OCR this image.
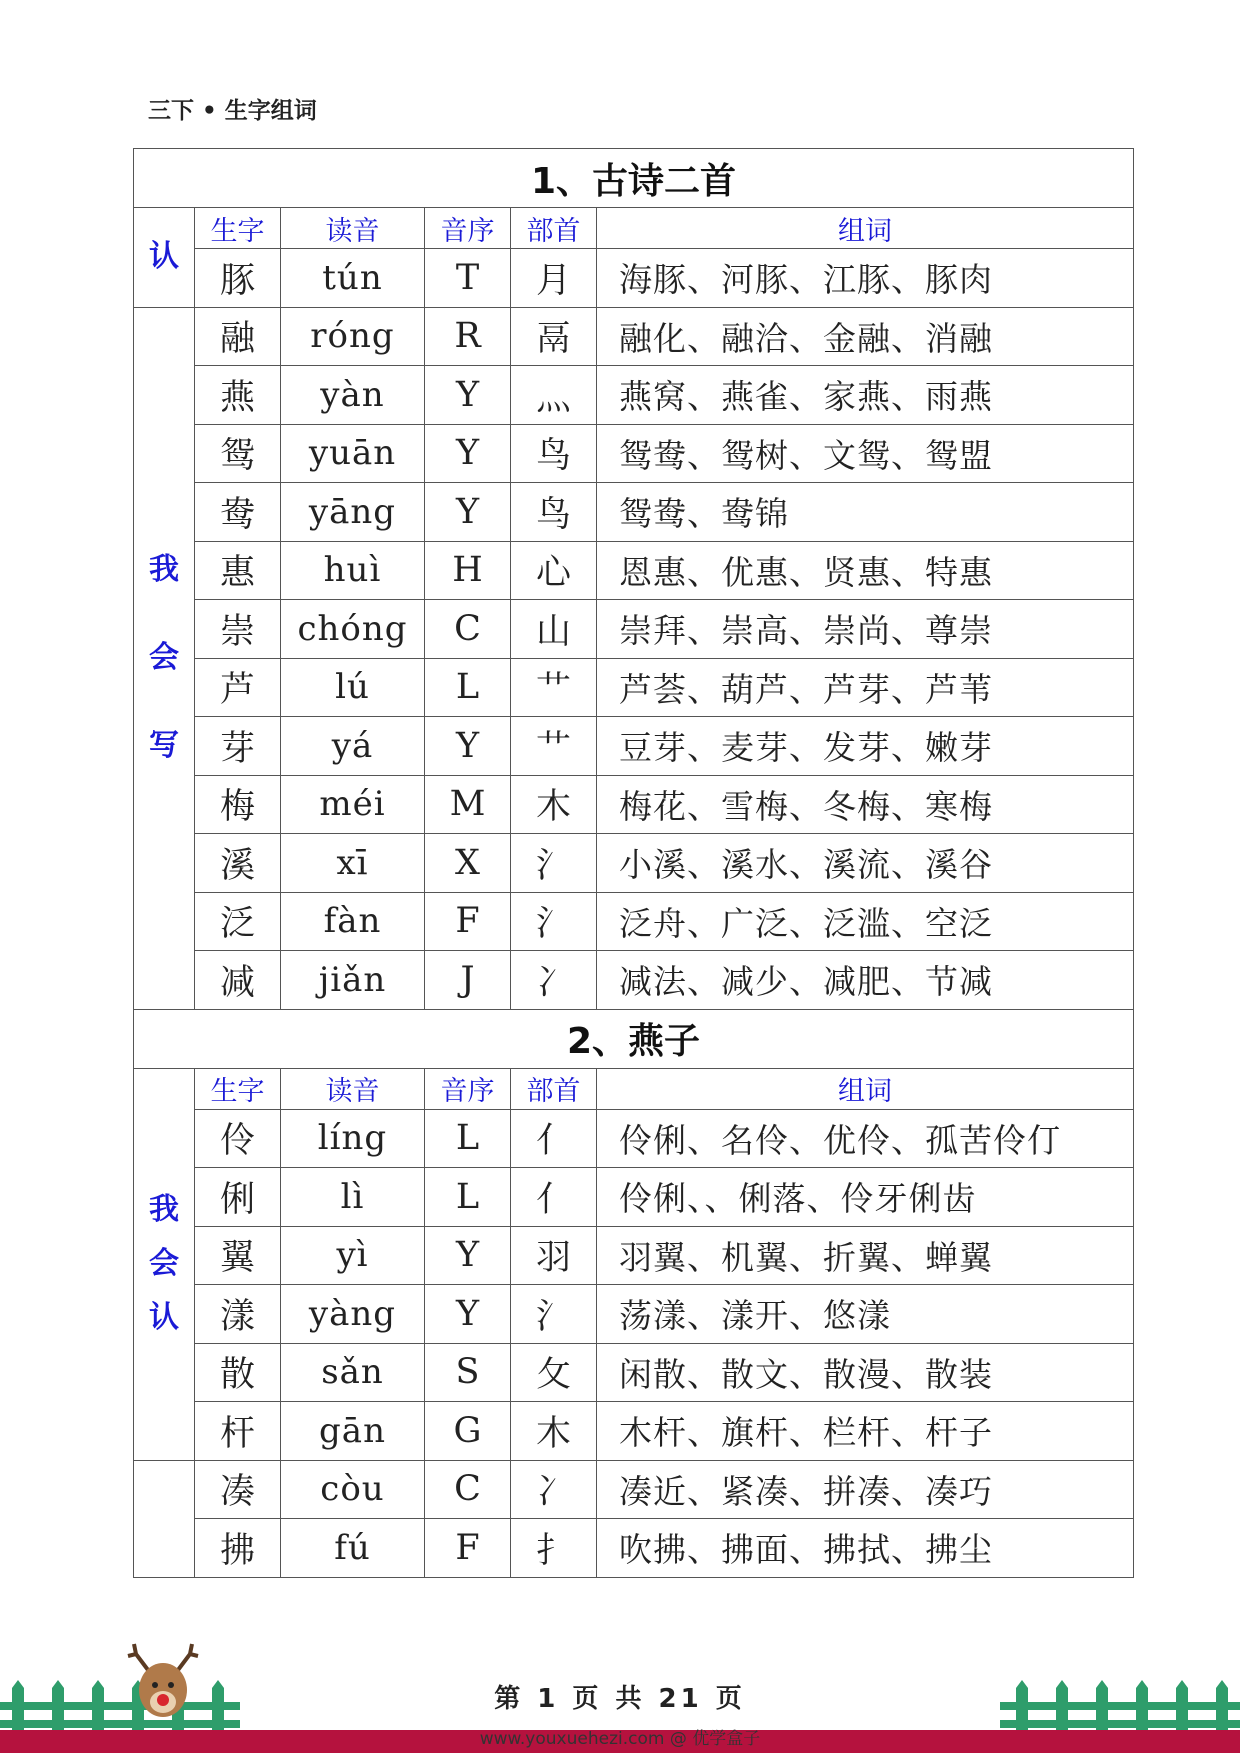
三下 • 生字组词
1、古诗二首					

认	生字	读音	音序	部首	组词
	豚	tún	T	月	海豚、河豚、江豚、豚肉

我
会
写	融	róng	R	鬲	融化、融洽、金融、消融
	燕	yàn	Y	灬	燕窝、燕雀、家燕、雨燕
	鸳	yuān	Y	鸟	鸳鸯、鸳树、文鸳、鸳盟
	鸯	yāng	Y	鸟	鸳鸯、鸯锦
	惠	huì	H	心	恩惠、优惠、贤惠、特惠
	崇	chóng	C	山	崇拜、崇高、崇尚、尊崇
	芦	lú	L	艹	芦荟、葫芦、芦芽、芦苇
	芽	yá	Y	艹	豆芽、麦芽、发芽、嫩芽
	梅	méi	M	木	梅花、雪梅、冬梅、寒梅
	溪	xī	X	氵	小溪、溪水、溪流、溪谷
	泛	fàn	F	氵	泛舟、广泛、泛滥、空泛
	减	jiǎn	J	冫	减法、减少、减肥、节减
2、燕子					

我
会
认	生字	读音	音序	部首	组词
	伶	líng	L	亻	伶俐、名伶、优伶、孤苦伶仃
	俐	lì	L	亻	伶俐、、俐落、伶牙俐齿
	翼	yì	Y	羽	羽翼、机翼、折翼、蝉翼
	漾	yàng	Y	氵	荡漾、漾开、悠漾
	散	sǎn	S	攵	闲散、散文、散漫、散装
	杆	gān	G	木	木杆、旗杆、栏杆、杆子
	凑	còu	C	冫	凑近、紧凑、拼凑、凑巧
	拂	fú	F	扌	吹拂、拂面、拂拭、拂尘
第 1 页 共 21 页
www.youxuehezi.com @ 优学盒子
